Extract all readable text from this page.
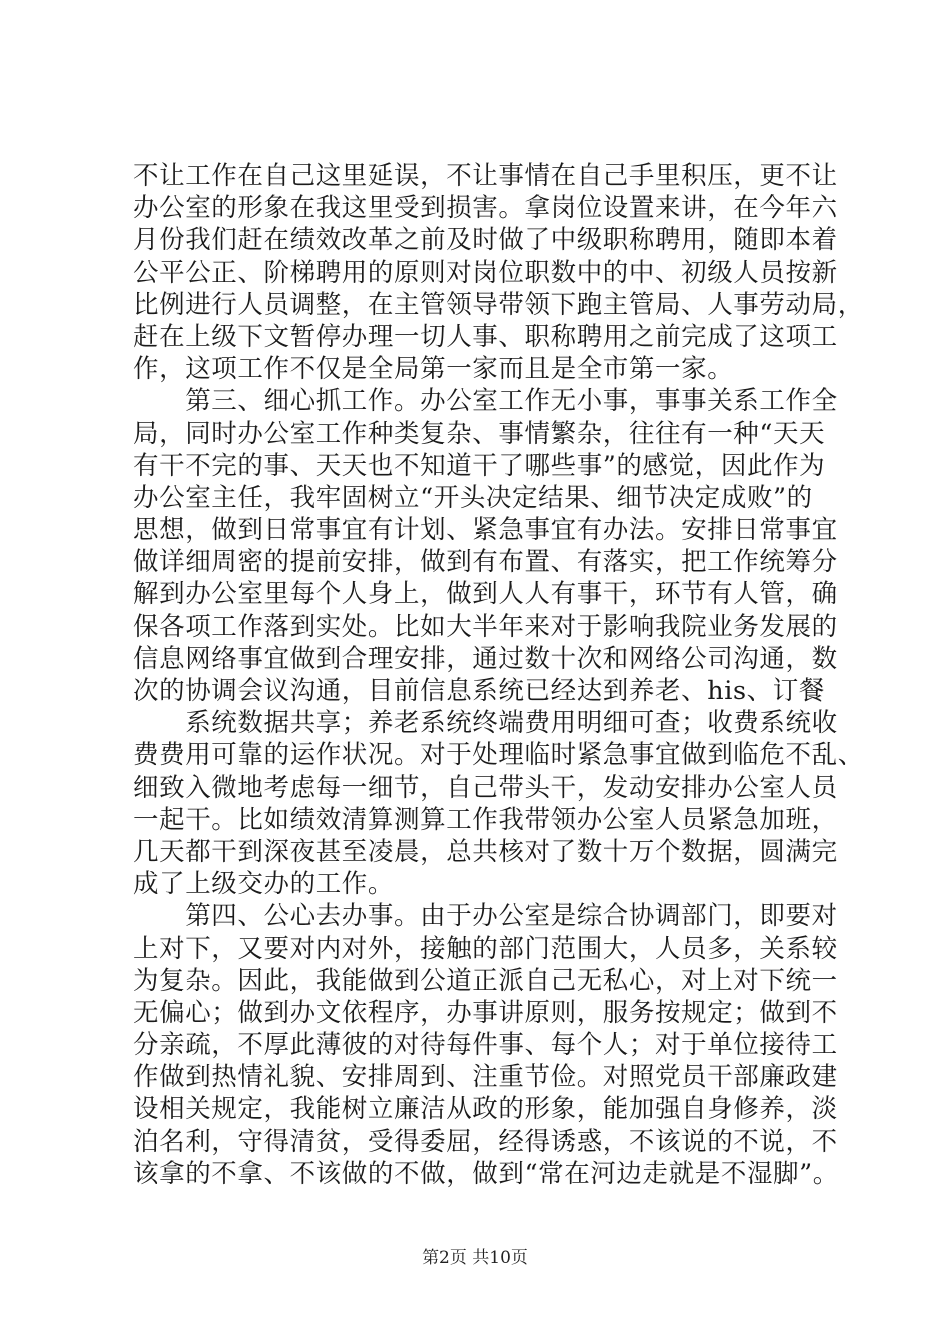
不让工作在自己这里延误，不让事情在自己手里积压，更不让
办公室的形象在我这里受到损害。拿岗位设置来讲，在今年六
月份我们赶在绩效改革之前及时做了中级职称聘用，随即本着
公平公正、阶梯聘用的原则对岗位职数中的中、初级人员按新
比例进行人员调整，在主管领导带领下跑主管局、人事劳动局，
赶在上级下文暂停办理一切人事、职称聘用之前完成了这项工
作，这项工作不仅是全局第一家而且是全市第一家。
　　第三、细心抓工作。办公室工作无小事，事事关系工作全
局，同时办公室工作种类复杂、事情繁杂，往往有一种“天天
有干不完的事、天天也不知道干了哪些事”的感觉，因此作为
办公室主任，我牢固树立“开头决定结果、细节决定成败”的
思想，做到日常事宜有计划、紧急事宜有办法。安排日常事宜
做详细周密的提前安排，做到有布置、有落实，把工作统筹分
解到办公室里每个人身上，做到人人有事干，环节有人管，确
保各项工作落到实处。比如大半年来对于影响我院业务发展的
信息网络事宜做到合理安排，通过数十次和网络公司沟通，数
次的协调会议沟通，目前信息系统已经达到养老、his、订餐
　　系统数据共享；养老系统终端费用明细可查；收费系统收
费费用可靠的运作状况。对于处理临时紧急事宜做到临危不乱、
细致入微地考虑每一细节，自己带头干，发动安排办公室人员
一起干。比如绩效清算测算工作我带领办公室人员紧急加班，
几天都干到深夜甚至凌晨，总共核对了数十万个数据，圆满完
成了上级交办的工作。
　　第四、公心去办事。由于办公室是综合协调部门，即要对
上对下，又要对内对外，接触的部门范围大，人员多，关系较
为复杂。因此，我能做到公道正派自己无私心，对上对下统一
无偏心；做到办文依程序，办事讲原则，服务按规定；做到不
分亲疏，不厚此薄彼的对待每件事、每个人；对于单位接待工
作做到热情礼貌、安排周到、注重节俭。对照党员干部廉政建
设相关规定，我能树立廉洁从政的形象，能加强自身修养，淡
泊名利，守得清贫，受得委屈，经得诱惑，不该说的不说，不
该拿的不拿、不该做的不做，做到“常在河边走就是不湿脚”。
第2页 共10页
